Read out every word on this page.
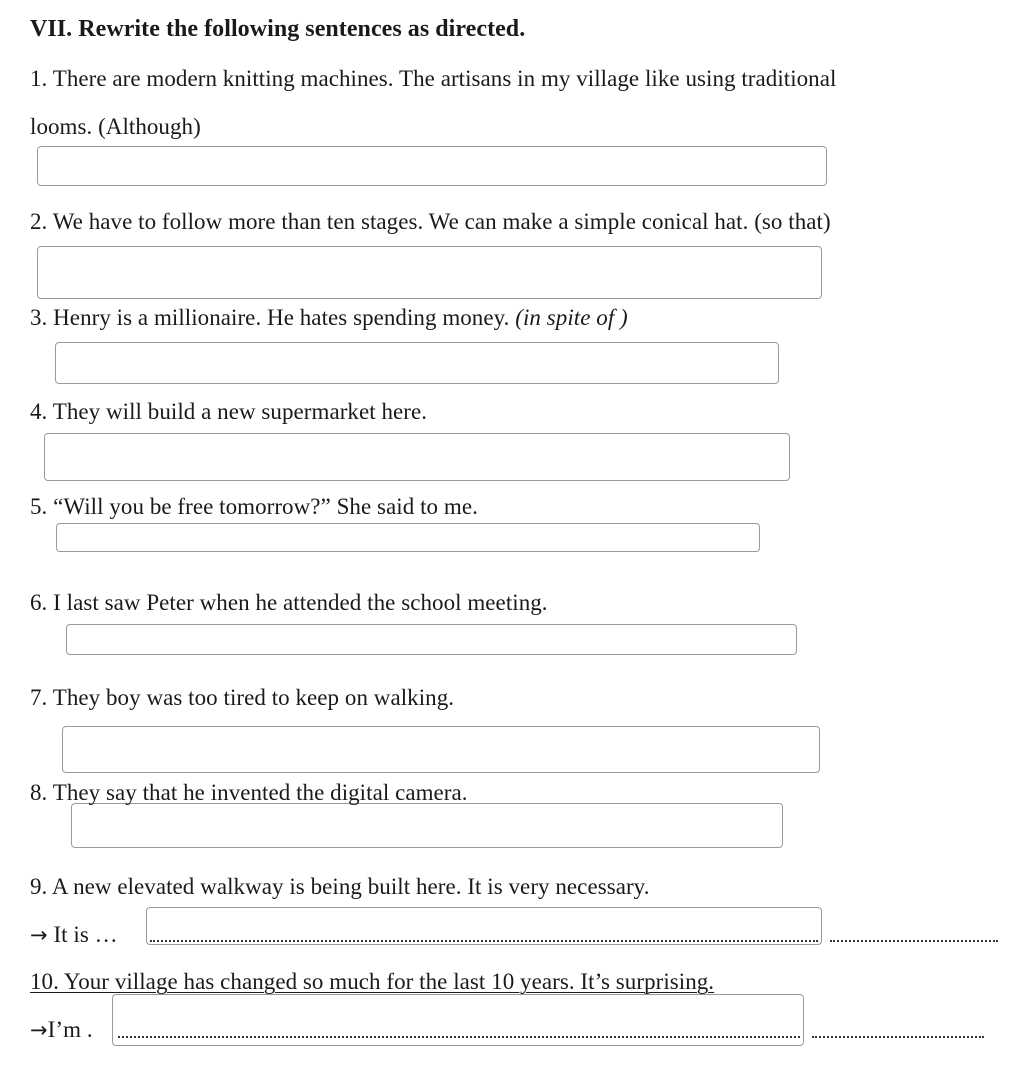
VII. Rewrite the following sentences as directed.
1. There are modern knitting machines. The artisans in my village like using traditional
looms. (Although)
2. We have to follow more than ten stages. We can make a simple conical hat. (so that)
3. Henry is a millionaire. He hates spending money. (in spite of )
4. They will build a new supermarket here.
5. “Will you be free tomorrow?” She said to me.
6. I last saw Peter when he attended the school meeting.
7. They boy was too tired to keep on walking.
8. They say that he invented the digital camera.
9. A new elevated walkway is being built here. It is very necessary.
→ It is …
10. Your village has changed so much for the last 10 years. It’s surprising.
→I’m .
